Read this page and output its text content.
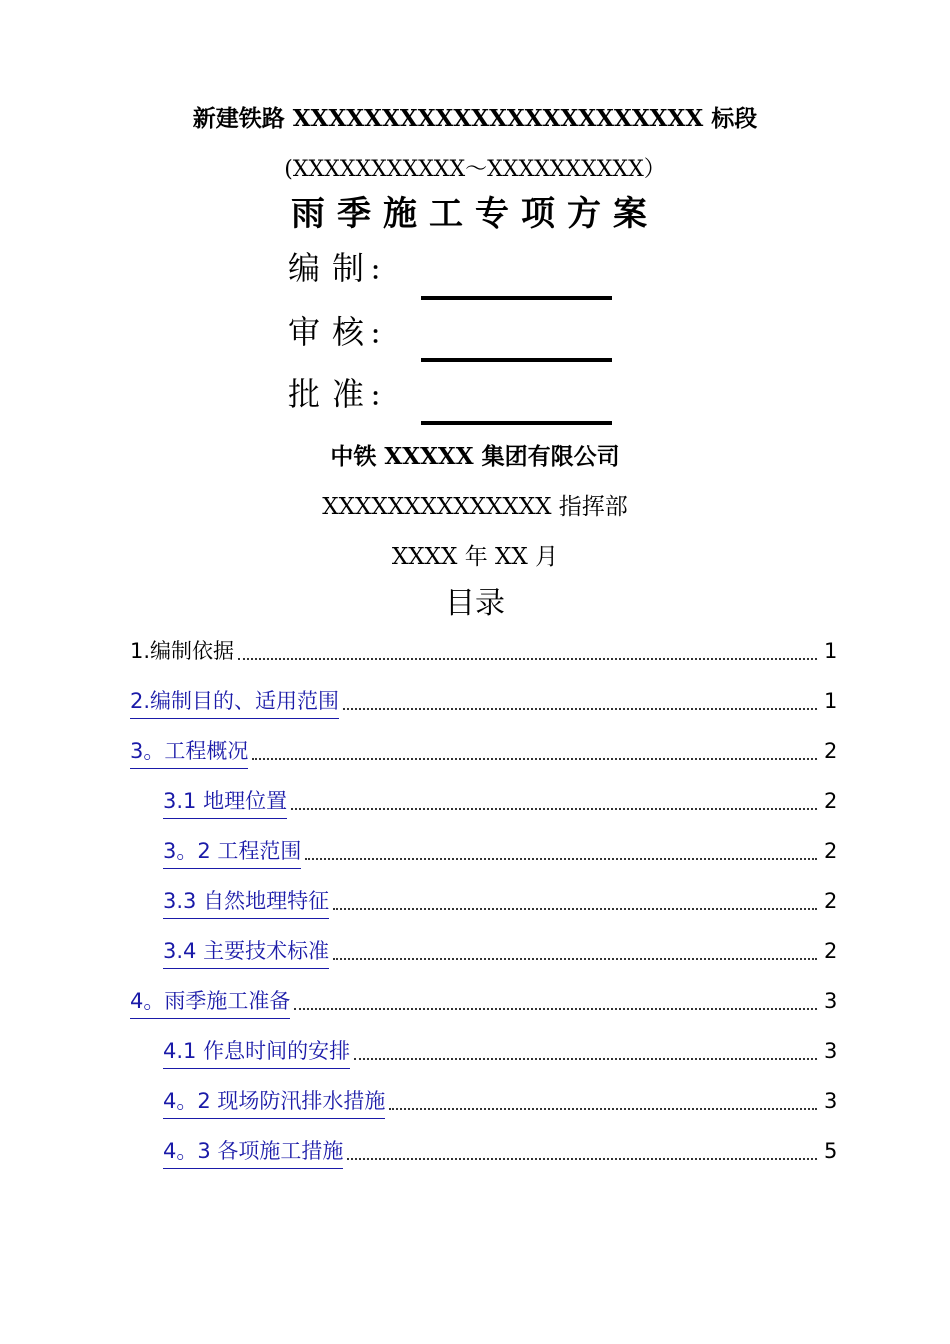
新建铁路 XXXXXXXXXXXXXXXXXXXXXXX 标段
(XXXXXXXXXXX～XXXXXXXXXX）
雨季施工专项方案
编制：
审核：
批准：
中铁 XXXXX 集团有限公司
XXXXXXXXXXXXXX 指挥部
XXXX 年 XX 月
目录
1.编制依据	1
2.编制目的、适用范围	1
3。工程概况	2
3.1 地理位置	2
3。2 工程范围	2
3.3 自然地理特征	2
3.4 主要技术标准	2
4。雨季施工准备	3
4.1 作息时间的安排	3
4。2 现场防汛排水措施	3
4。3 各项施工措施	5
